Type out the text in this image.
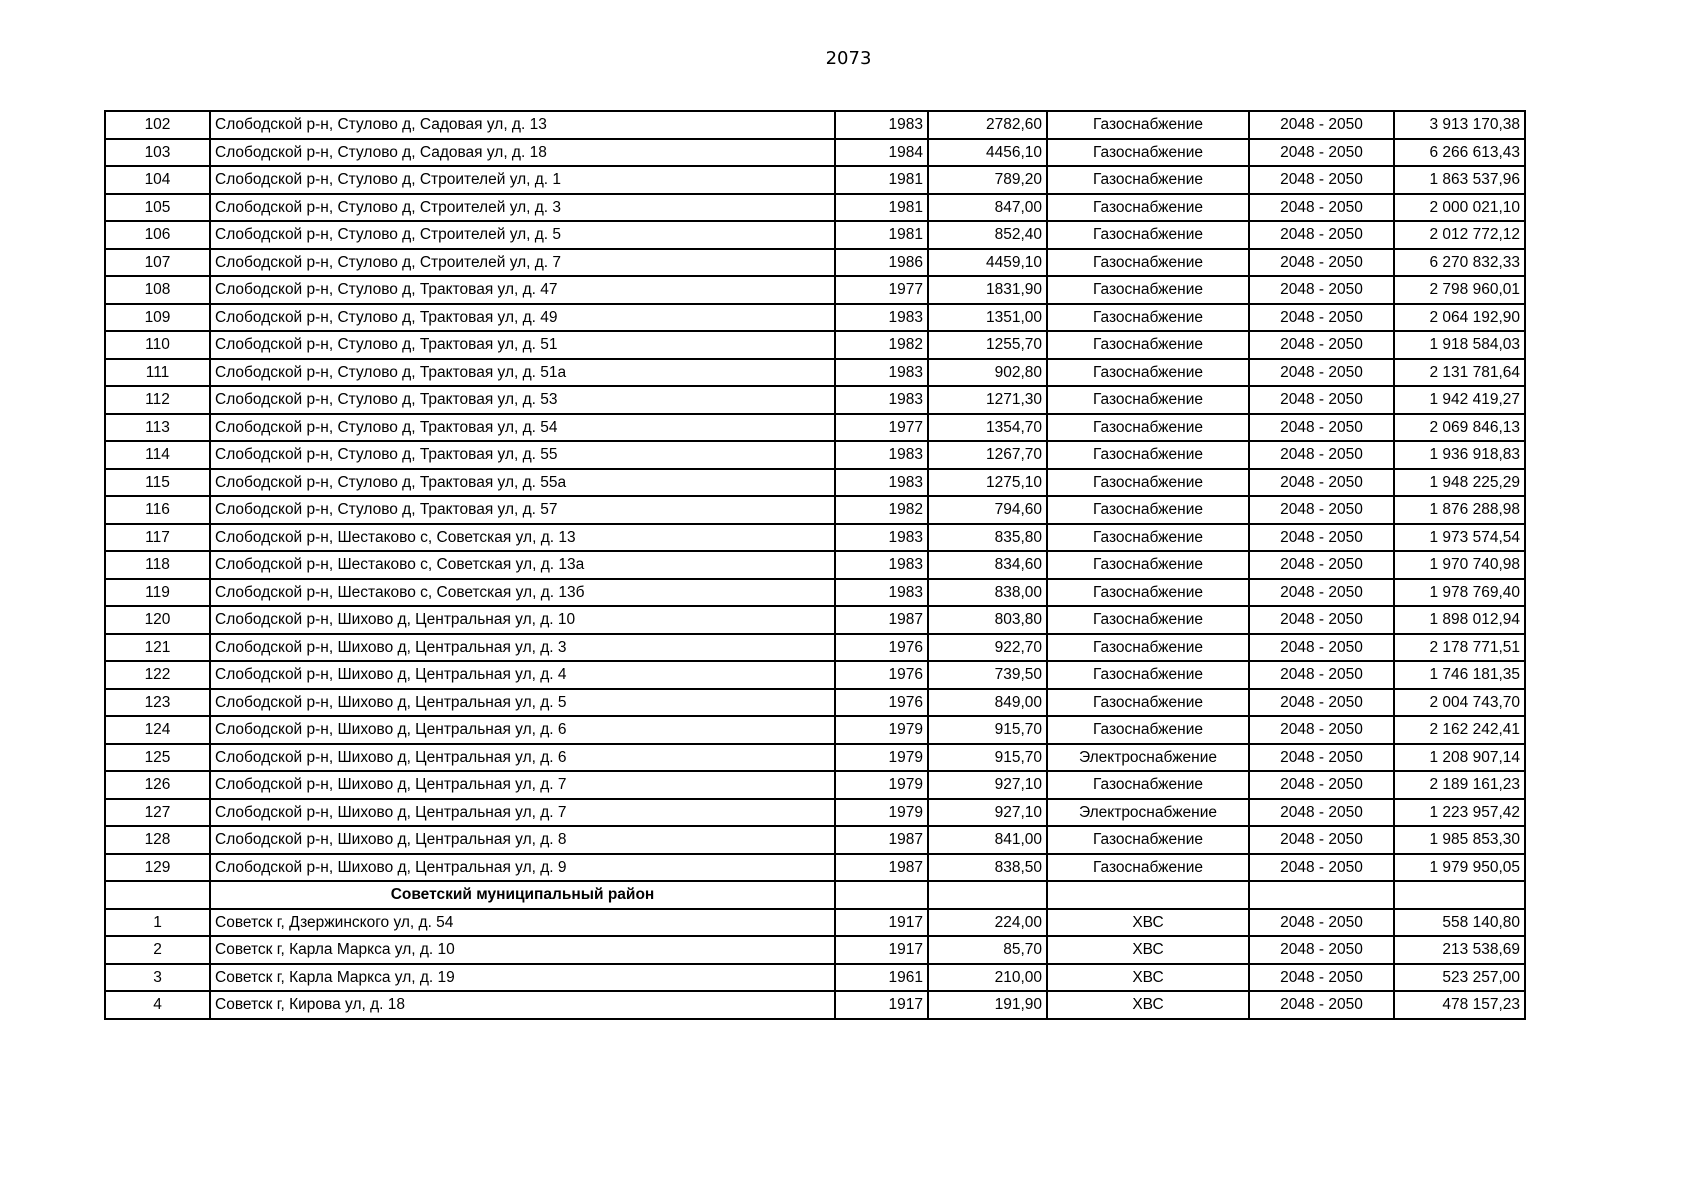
2073
102	Слободской р-н, Стулово д, Садовая ул, д. 13	1983	2782,60	Газоснабжение	2048 - 2050	3 913 170,38
103	Слободской р-н, Стулово д, Садовая ул, д. 18	1984	4456,10	Газоснабжение	2048 - 2050	6 266 613,43
104	Слободской р-н, Стулово д, Строителей ул, д. 1	1981	789,20	Газоснабжение	2048 - 2050	1 863 537,96
105	Слободской р-н, Стулово д, Строителей ул, д. 3	1981	847,00	Газоснабжение	2048 - 2050	2 000 021,10
106	Слободской р-н, Стулово д, Строителей ул, д. 5	1981	852,40	Газоснабжение	2048 - 2050	2 012 772,12
107	Слободской р-н, Стулово д, Строителей ул, д. 7	1986	4459,10	Газоснабжение	2048 - 2050	6 270 832,33
108	Слободской р-н, Стулово д, Трактовая ул, д. 47	1977	1831,90	Газоснабжение	2048 - 2050	2 798 960,01
109	Слободской р-н, Стулово д, Трактовая ул, д. 49	1983	1351,00	Газоснабжение	2048 - 2050	2 064 192,90
110	Слободской р-н, Стулово д, Трактовая ул, д. 51	1982	1255,70	Газоснабжение	2048 - 2050	1 918 584,03
111	Слободской р-н, Стулово д, Трактовая ул, д. 51а	1983	902,80	Газоснабжение	2048 - 2050	2 131 781,64
112	Слободской р-н, Стулово д, Трактовая ул, д. 53	1983	1271,30	Газоснабжение	2048 - 2050	1 942 419,27
113	Слободской р-н, Стулово д, Трактовая ул, д. 54	1977	1354,70	Газоснабжение	2048 - 2050	2 069 846,13
114	Слободской р-н, Стулово д, Трактовая ул, д. 55	1983	1267,70	Газоснабжение	2048 - 2050	1 936 918,83
115	Слободской р-н, Стулово д, Трактовая ул, д. 55а	1983	1275,10	Газоснабжение	2048 - 2050	1 948 225,29
116	Слободской р-н, Стулово д, Трактовая ул, д. 57	1982	794,60	Газоснабжение	2048 - 2050	1 876 288,98
117	Слободской р-н, Шестаково с, Советская ул, д. 13	1983	835,80	Газоснабжение	2048 - 2050	1 973 574,54
118	Слободской р-н, Шестаково с, Советская ул, д. 13а	1983	834,60	Газоснабжение	2048 - 2050	1 970 740,98
119	Слободской р-н, Шестаково с, Советская ул, д. 13б	1983	838,00	Газоснабжение	2048 - 2050	1 978 769,40
120	Слободской р-н, Шихово д, Центральная ул, д. 10	1987	803,80	Газоснабжение	2048 - 2050	1 898 012,94
121	Слободской р-н, Шихово д, Центральная ул, д. 3	1976	922,70	Газоснабжение	2048 - 2050	2 178 771,51
122	Слободской р-н, Шихово д, Центральная ул, д. 4	1976	739,50	Газоснабжение	2048 - 2050	1 746 181,35
123	Слободской р-н, Шихово д, Центральная ул, д. 5	1976	849,00	Газоснабжение	2048 - 2050	2 004 743,70
124	Слободской р-н, Шихово д, Центральная ул, д. 6	1979	915,70	Газоснабжение	2048 - 2050	2 162 242,41
125	Слободской р-н, Шихово д, Центральная ул, д. 6	1979	915,70	Электроснабжение	2048 - 2050	1 208 907,14
126	Слободской р-н, Шихово д, Центральная ул, д. 7	1979	927,10	Газоснабжение	2048 - 2050	2 189 161,23
127	Слободской р-н, Шихово д, Центральная ул, д. 7	1979	927,10	Электроснабжение	2048 - 2050	1 223 957,42
128	Слободской р-н, Шихово д, Центральная ул, д. 8	1987	841,00	Газоснабжение	2048 - 2050	1 985 853,30
129	Слободской р-н, Шихово д, Центральная ул, д. 9	1987	838,50	Газоснабжение	2048 - 2050	1 979 950,05
	Советский муниципальный район					
1	Советск г, Дзержинского ул, д. 54	1917	224,00	ХВС	2048 - 2050	558 140,80
2	Советск г, Карла Маркса ул, д. 10	1917	85,70	ХВС	2048 - 2050	213 538,69
3	Советск г, Карла Маркса ул, д. 19	1961	210,00	ХВС	2048 - 2050	523 257,00
4	Советск г, Кирова ул, д. 18	1917	191,90	ХВС	2048 - 2050	478 157,23
